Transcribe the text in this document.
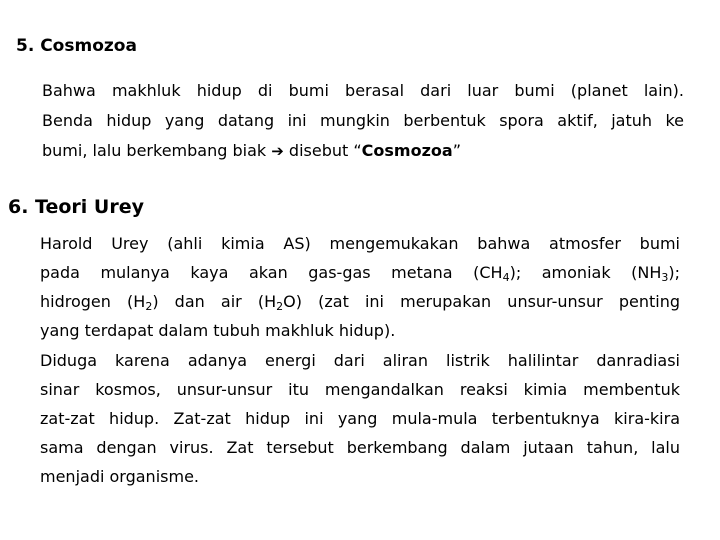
5. Cosmozoa
Bahwa makhluk hidup di bumi berasal dari luar bumi (planet lain).
Benda hidup yang datang ini mungkin berbentuk spora aktif, jatuh ke
bumi, lalu berkembang biak ➔ disebut “Cosmozoa”
6. Teori Urey
Harold Urey (ahli kimia AS) mengemukakan bahwa atmosfer bumi
pada mulanya kaya akan gas-gas metana $(CH_4)$; amoniak $(NH_3)$;
hidrogen $(H_2)$ dan air $(H_2O)$ (zat ini merupakan unsur-unsur penting
yang terdapat dalam tubuh makhluk hidup).
Diduga karena adanya energi dari aliran listrik halilintar danradiasi
sinar kosmos, unsur-unsur itu mengandalkan reaksi kimia membentuk
zat-zat hidup. Zat-zat hidup ini yang mula-mula terbentuknya kira-kira
sama dengan virus. Zat tersebut berkembang dalam jutaan tahun, lalu
menjadi organisme.
